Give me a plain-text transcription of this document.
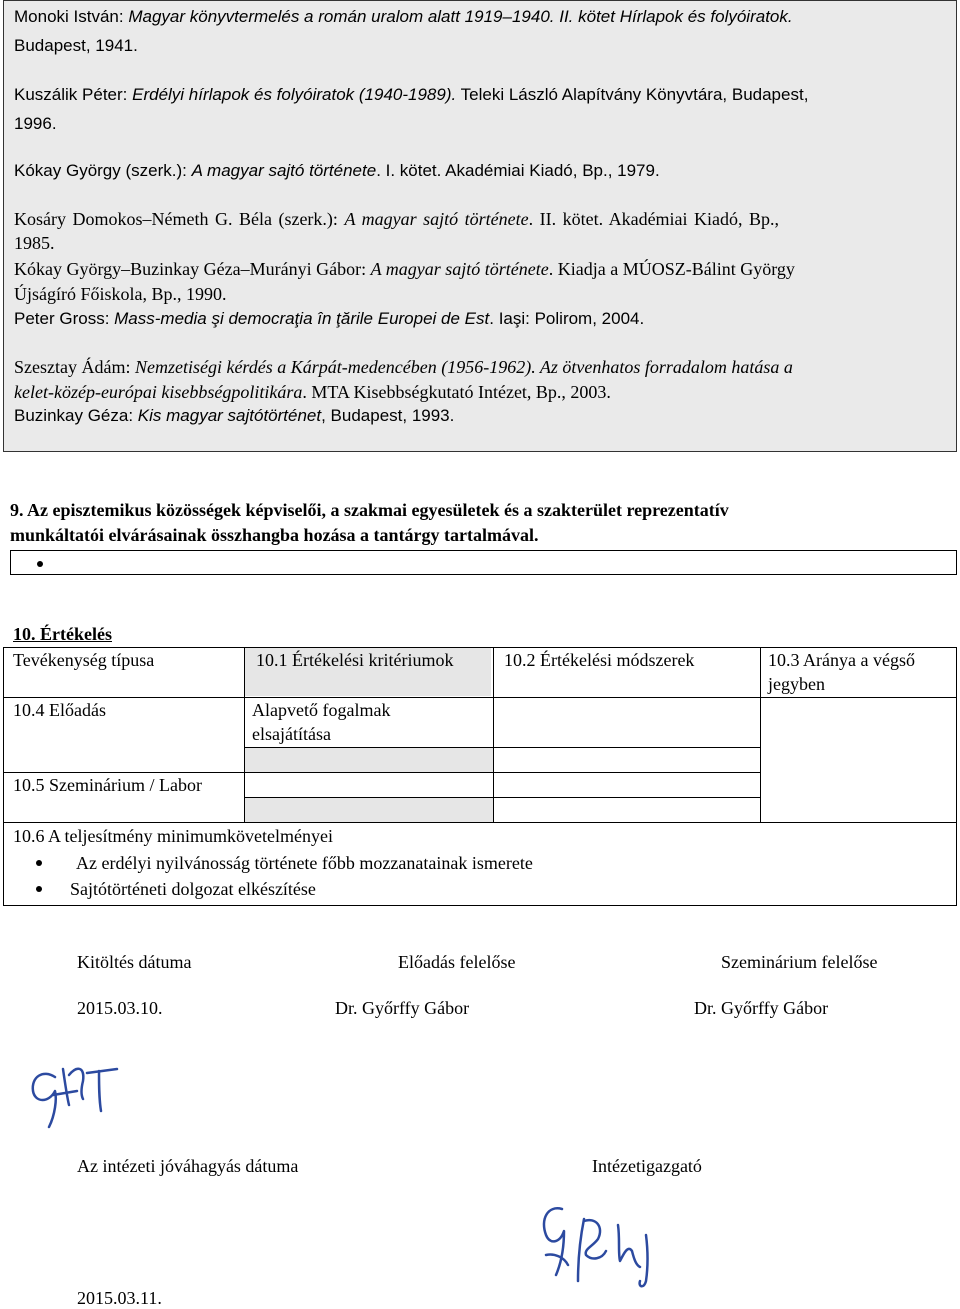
Monoki István: Magyar könyvtermelés a román uralom alatt 1919–1940. II. kötet Hírlapok és folyóiratok.
Budapest, 1941.
Kuszálik Péter: Erdélyi hírlapok és folyóiratok (1940-1989). Teleki László Alapítvány Könyvtára, Budapest,
1996.
Kókay György (szerk.): A magyar sajtó története. I. kötet. Akadémiai Kiadó, Bp., 1979.
Kosáry Domokos–Németh G. Béla (szerk.): A magyar sajtó története. II. kötet. Akadémiai Kiadó, Bp.,
1985.
Kókay György–Buzinkay Géza–Murányi Gábor: A magyar sajtó története. Kiadja a MÚOSZ-Bálint György
Újságíró Főiskola, Bp., 1990.
Peter Gross: Mass-media şi democraţia în ţările Europei de Est. Iaşi: Polirom, 2004.
Szesztay Ádám: Nemzetiségi kérdés a Kárpát-medencében (1956-1962). Az ötvenhatos forradalom hatása a
kelet-közép-európai kisebbségpolitikára. MTA Kisebbségkutató Intézet, Bp., 2003.
Buzinkay Géza: Kis magyar sajtótörténet, Budapest, 1993.
9. Az episztemikus közösségek képviselői, a szakmai egyesületek és a szakterület reprezentatív
munkáltatói elvárásainak összhangba hozása a tantárgy tartalmával.
10. Értékelés
Tevékenység típusa	10.1 Értékelési kritériumok	10.2 Értékelési módszerek	10.3 Aránya a végső
jegyben
10.4 Előadás	Alapvető fogalmak
elsajátítása
10.5 Szeminárium / Labor
10.6 A teljesítmény minimumkövetelményei
Az erdélyi nyilvánosság története főbb mozzanatainak ismerete
Sajtótörténeti dolgozat elkészítése
Kitöltés dátuma	Előadás felelőse	Szeminárium felelőse
2015.03.10.	Dr. Győrffy Gábor	Dr. Győrffy Gábor
Az intézeti jóváhagyás dátuma	Intézetigazgató
2015.03.11.
